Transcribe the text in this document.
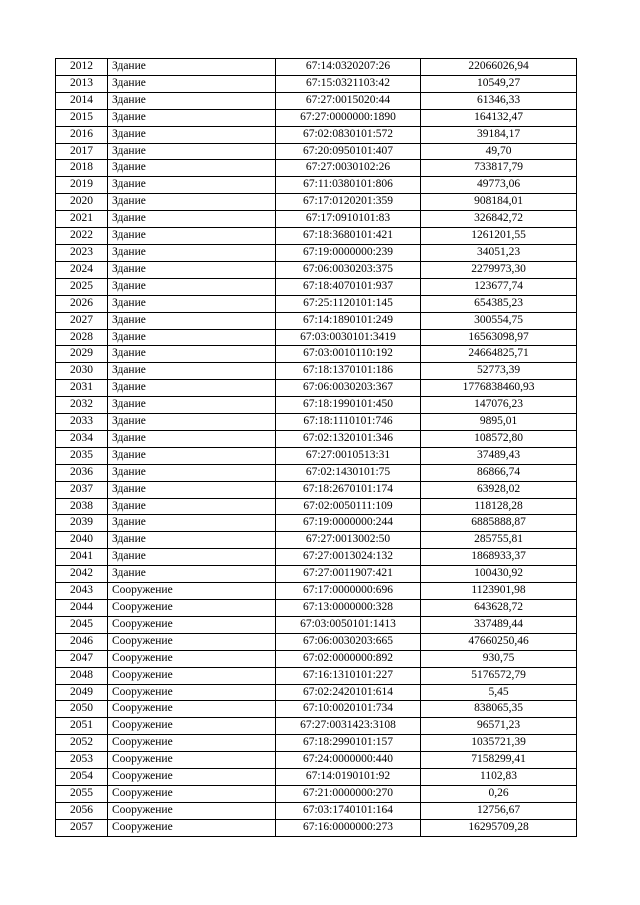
2012	Здание	67:14:0320207:26	22066026,94
2013	Здание	67:15:0321103:42	10549,27
2014	Здание	67:27:0015020:44	61346,33
2015	Здание	67:27:0000000:1890	164132,47
2016	Здание	67:02:0830101:572	39184,17
2017	Здание	67:20:0950101:407	49,70
2018	Здание	67:27:0030102:26	733817,79
2019	Здание	67:11:0380101:806	49773,06
2020	Здание	67:17:0120201:359	908184,01
2021	Здание	67:17:0910101:83	326842,72
2022	Здание	67:18:3680101:421	1261201,55
2023	Здание	67:19:0000000:239	34051,23
2024	Здание	67:06:0030203:375	2279973,30
2025	Здание	67:18:4070101:937	123677,74
2026	Здание	67:25:1120101:145	654385,23
2027	Здание	67:14:1890101:249	300554,75
2028	Здание	67:03:0030101:3419	16563098,97
2029	Здание	67:03:0010110:192	24664825,71
2030	Здание	67:18:1370101:186	52773,39
2031	Здание	67:06:0030203:367	1776838460,93
2032	Здание	67:18:1990101:450	147076,23
2033	Здание	67:18:1110101:746	9895,01
2034	Здание	67:02:1320101:346	108572,80
2035	Здание	67:27:0010513:31	37489,43
2036	Здание	67:02:1430101:75	86866,74
2037	Здание	67:18:2670101:174	63928,02
2038	Здание	67:02:0050111:109	118128,28
2039	Здание	67:19:0000000:244	6885888,87
2040	Здание	67:27:0013002:50	285755,81
2041	Здание	67:27:0013024:132	1868933,37
2042	Здание	67:27:0011907:421	100430,92
2043	Сооружение	67:17:0000000:696	1123901,98
2044	Сооружение	67:13:0000000:328	643628,72
2045	Сооружение	67:03:0050101:1413	337489,44
2046	Сооружение	67:06:0030203:665	47660250,46
2047	Сооружение	67:02:0000000:892	930,75
2048	Сооружение	67:16:1310101:227	5176572,79
2049	Сооружение	67:02:2420101:614	5,45
2050	Сооружение	67:10:0020101:734	838065,35
2051	Сооружение	67:27:0031423:3108	96571,23
2052	Сооружение	67:18:2990101:157	1035721,39
2053	Сооружение	67:24:0000000:440	7158299,41
2054	Сооружение	67:14:0190101:92	1102,83
2055	Сооружение	67:21:0000000:270	0,26
2056	Сооружение	67:03:1740101:164	12756,67
2057	Сооружение	67:16:0000000:273	16295709,28
